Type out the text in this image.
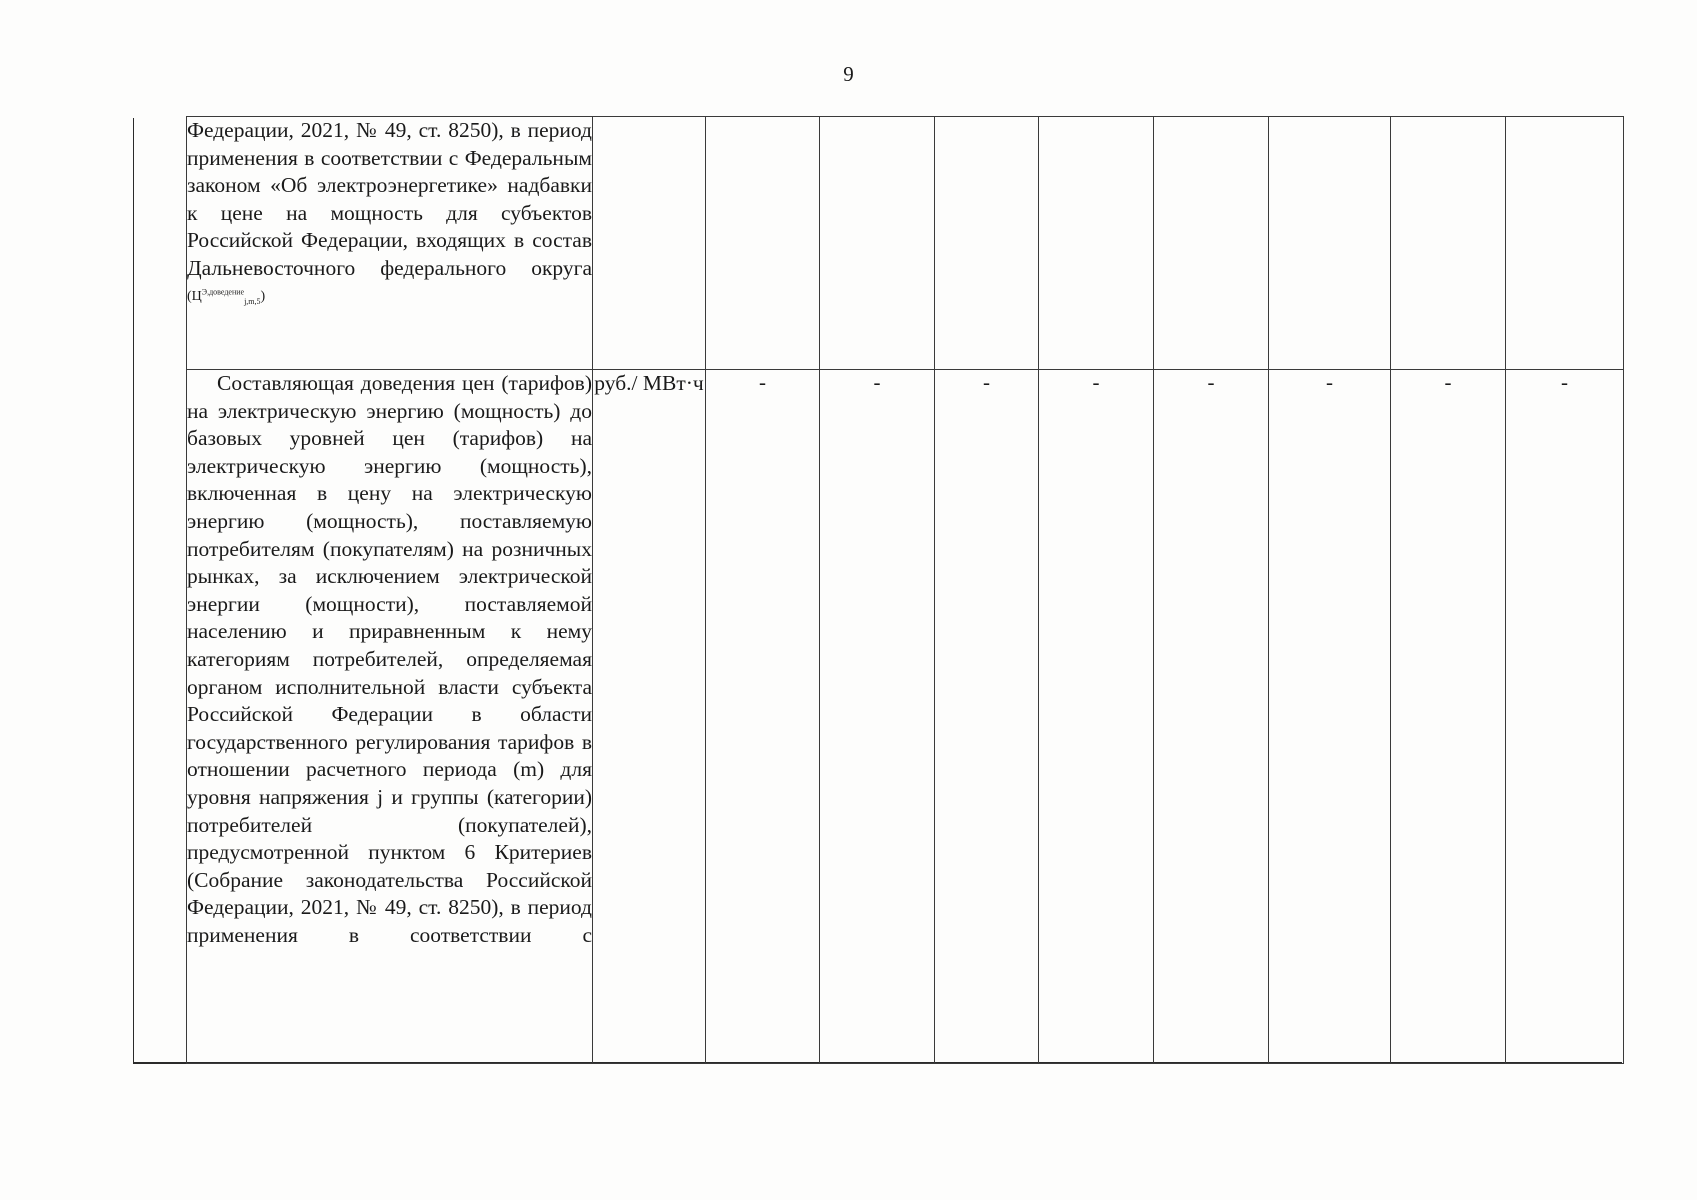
9
Федерации, 2021, № 49, ст. 8250), в период применения в соответствии с Федеральным законом «Об электроэнергетике» надбавки к цене на мощность для субъектов Российской Федерации, входящих в состав Дальневосточного федерального округа $(Ц^{Э,доведение}_{j,m,5})$									
Составляющая доведения цен (тарифов) на электрическую энергию (мощность) до базовых уровней цен (тарифов) на электрическую энергию (мощность), включенная в цену на электрическую энергию (мощность), поставляемую потребителям (покупателям) на розничных рынках, за исключением электрической энергии (мощности), поставляемой населению и приравненным к нему категориям потребителей, определяемая органом исполнительной власти субъекта Российской Федерации в области государственного регулирования тарифов в отношении расчетного периода (m) для уровня напряжения j и группы (категории) потребителей (покупателей), предусмотренной пунктом 6 Критериев (Собрание законодательства Российской Федерации, 2021, № 49, ст. 8250), в период применения в соответствии с	руб./ МВт·ч	-	-	-	-	-	-	-	-
